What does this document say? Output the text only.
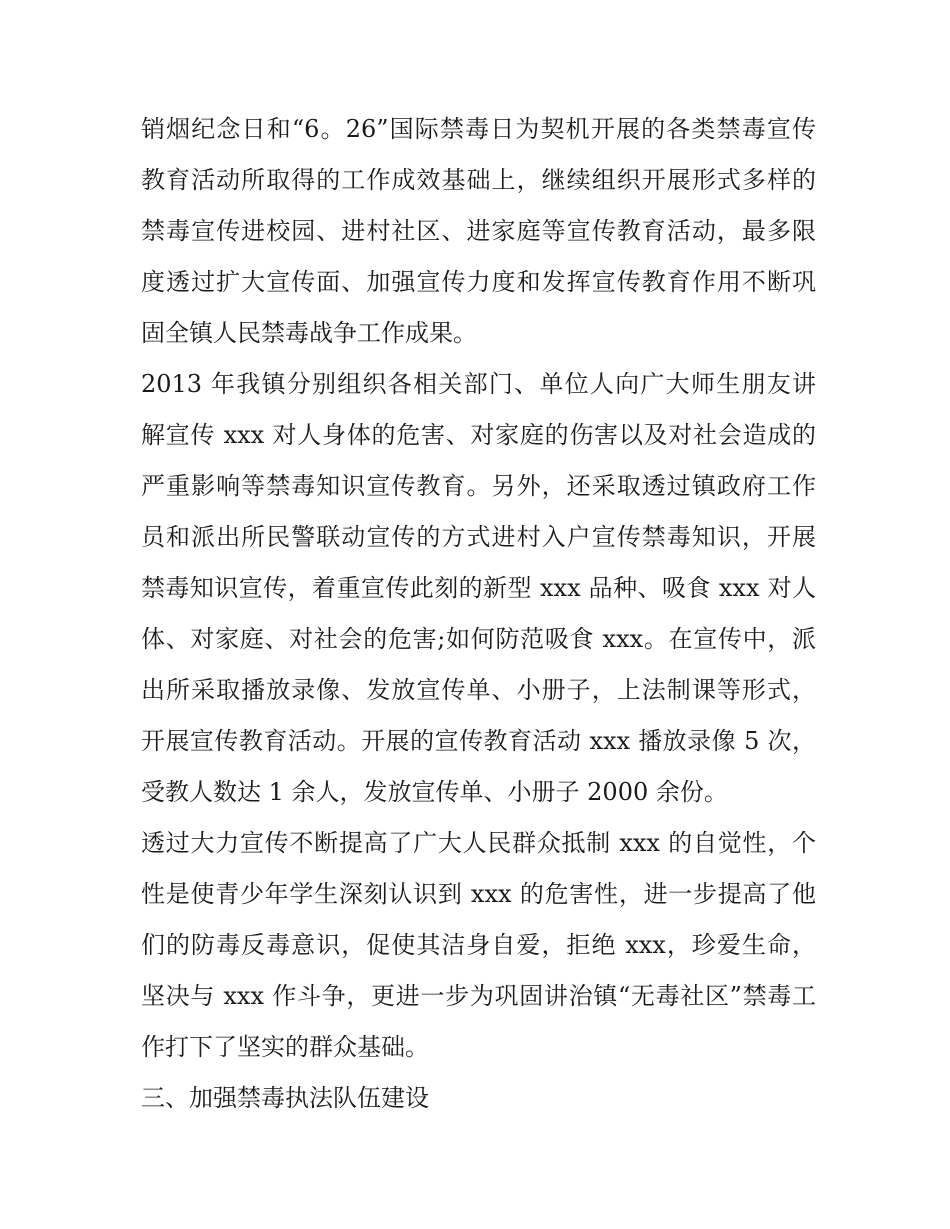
销烟纪念日和“6。26”国际禁毒日为契机开展的各类禁毒宣传
教育活动所取得的工作成效基础上，继续组织开展形式多样的
禁毒宣传进校园、进村社区、进家庭等宣传教育活动，最多限
度透过扩大宣传面、加强宣传力度和发挥宣传教育作用不断巩
固全镇人民禁毒战争工作成果。
2013 年我镇分别组织各相关部门、单位人向广大师生朋友讲
解宣传 xxx 对人身体的危害、对家庭的伤害以及对社会造成的
严重影响等禁毒知识宣传教育。另外，还采取透过镇政府工作
员和派出所民警联动宣传的方式进村入户宣传禁毒知识，开展
禁毒知识宣传，着重宣传此刻的新型 xxx 品种、吸食 xxx 对人
体、对家庭、对社会的危害;如何防范吸食 xxx。在宣传中，派
出所采取播放录像、发放宣传单、小册子，上法制课等形式，
开展宣传教育活动。开展的宣传教育活动 xxx 播放录像 5 次，
受教人数达 1 余人，发放宣传单、小册子 2000 余份。
透过大力宣传不断提高了广大人民群众抵制 xxx 的自觉性，个
性是使青少年学生深刻认识到 xxx 的危害性，进一步提高了他
们的防毒反毒意识，促使其洁身自爱，拒绝 xxx，珍爱生命，
坚决与 xxx 作斗争，更进一步为巩固讲治镇“无毒社区”禁毒工
作打下了坚实的群众基础。
三、加强禁毒执法队伍建设
